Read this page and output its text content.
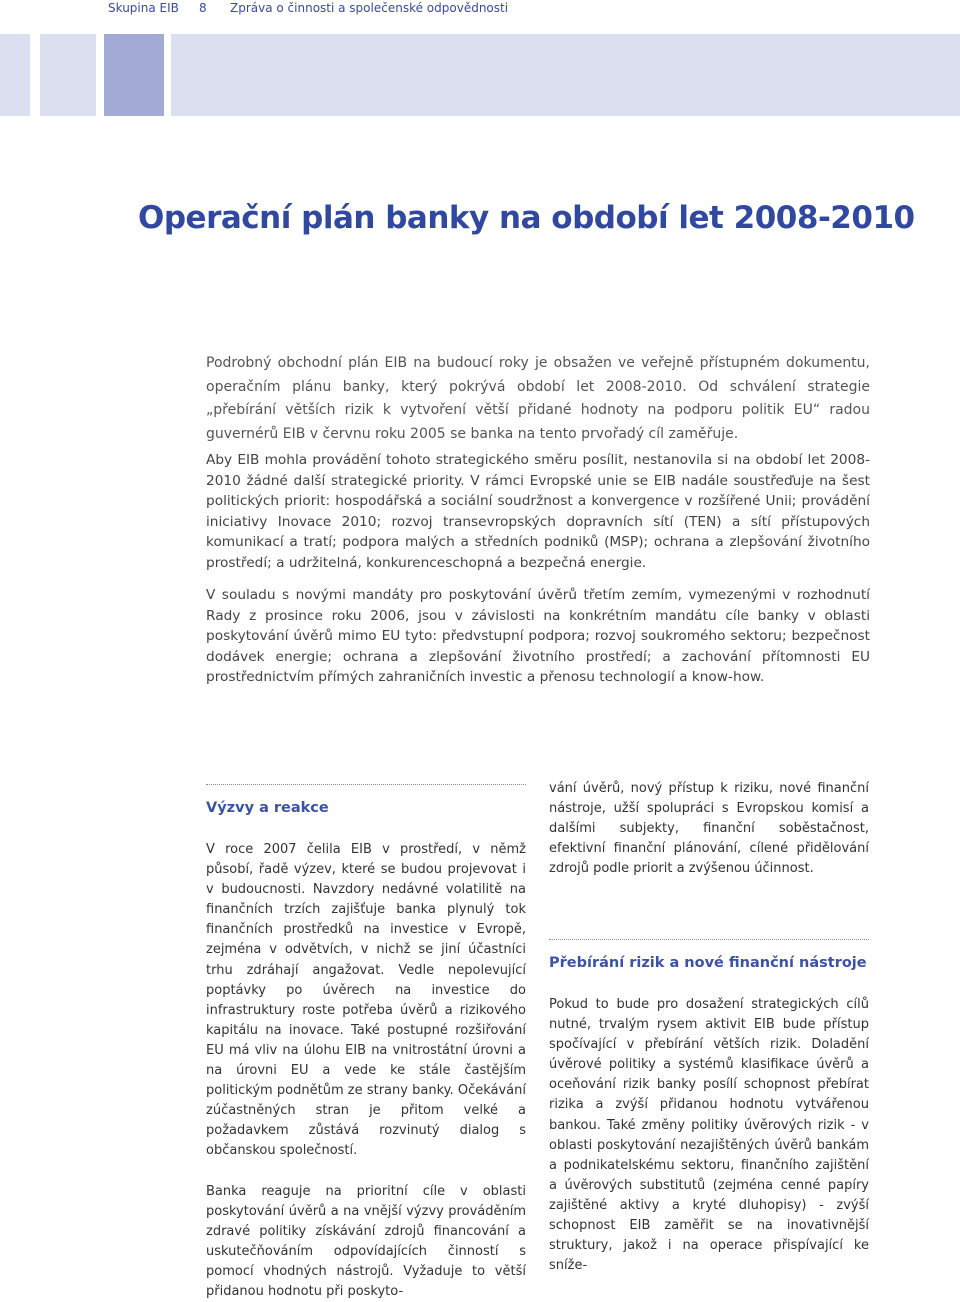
Skupina EIB 8 Zpráva o činnosti a společenské odpovědnosti
Operační plán banky na období let 2008-2010

Podrobný obchodní plán EIB na budoucí roky je obsažen ve veřejně přístupném dokumentu, operačním plánu banky, který pokrývá období let 2008-2010. Od schválení strategie „přebírání větších rizik k vytvoření větší přidané hodnoty na podporu politik EU“ radou guvernérů EIB v červnu roku 2005 se banka na tento prvořadý cíl zaměřuje.

Aby EIB mohla provádění tohoto strategického směru posílit, nestanovila si na období let 2008-2010 žádné další strategické priority. V rámci Evropské unie se EIB nadále soustřeďuje na šest politických priorit: hospodářská a sociální soudržnost a konvergence v rozšířené Unii; provádění iniciativy Inovace 2010; rozvoj transevropských dopravních sítí (TEN) a sítí přístupových komunikací a tratí; podpora malých a středních podniků (MSP); ochrana a zlepšování životního prostředí; a udržitelná, konkurenceschopná a bezpečná energie.

V souladu s novými mandáty pro poskytování úvěrů třetím zemím, vymezenými v rozhodnutí Rady z prosince roku 2006, jsou v závislosti na konkrétním mandátu cíle banky v oblasti poskytování úvěrů mimo EU tyto: předvstupní podpora; rozvoj soukromého sektoru; bezpečnost dodávek energie; ochrana a zlepšování životního prostředí; a zachování přítomnosti EU prostřednictvím přímých zahraničních investic a přenosu technologií a know-how.

Výzvy a reakce

V roce 2007 čelila EIB v prostředí, v němž působí, řadě výzev, které se budou projevovat i v budoucnosti. Navzdory nedávné volatilitě na finančních trzích zajišťuje banka plynulý tok finančních prostředků na investice v Evropě, zejména v odvětvích, v nichž se jiní účastníci trhu zdráhají angažovat. Vedle nepolevující poptávky po úvěrech na investice do infrastruktury roste potřeba úvěrů a rizikového kapitálu na inovace. Také postupné rozšiřování EU má vliv na úlohu EIB na vnitrostátní úrovni a na úrovni EU a vede ke stále častějším politickým podnětům ze strany banky. Očekávání zúčastněných stran je přitom velké a požadavkem zůstává rozvinutý dialog s občanskou společností.

Banka reaguje na prioritní cíle v oblasti poskytování úvěrů a na vnější výzvy prováděním zdravé politiky získávání zdrojů financování a uskutečňováním odpovídajících činností s pomocí vhodných nástrojů. Vyžaduje to větší přidanou hodnotu při poskyto-

vání úvěrů, nový přístup k riziku, nové finanční nástroje, užší spolupráci s Evropskou komisí a dalšími subjekty, finanční soběstačnost, efektivní finanční plánování, cílené přidělování zdrojů podle priorit a zvýšenou účinnost.

Přebírání rizik a nové finanční nástroje

Pokud to bude pro dosažení strategických cílů nutné, trvalým rysem aktivit EIB bude přístup spočívající v přebírání větších rizik. Doladění úvěrové politiky a systémů klasifikace úvěrů a oceňování rizik banky posílí schopnost přebírat rizika a zvýší přidanou hodnotu vytvářenou bankou. Také změny politiky úvěrových rizik - v oblasti poskytování nezajištěných úvěrů bankám a podnikatelskému sektoru, finančního zajištění a úvěrových substitutů (zejména cenné papíry zajištěné aktivy a kryté dluhopisy) - zvýší schopnost EIB zaměřit se na inovativnější struktury, jakož i na operace přispívající ke sníže-
